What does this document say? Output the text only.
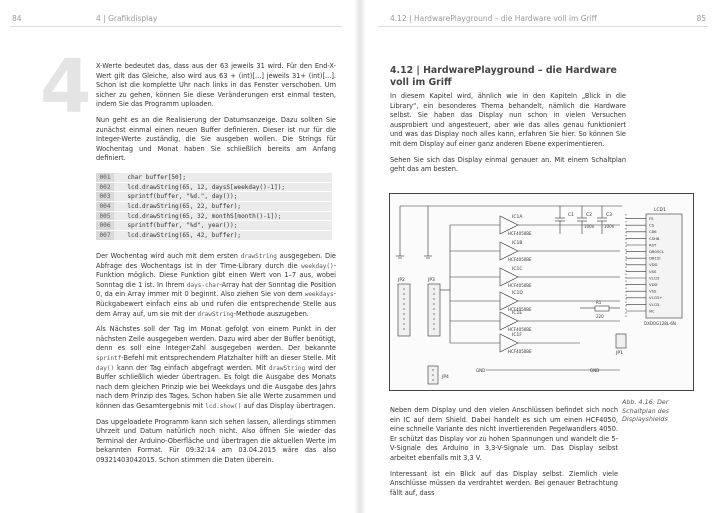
84	4 | Grafikdisplay
4 X-Werte bedeutet das, dass aus der 63 jeweils 31 wird. Für den End-X-Wert gilt das Gleiche, also wird aus 63 + (int)[...] jeweils 31+ (int)[...]. Schon ist die komplette Uhr nach links in das Fenster verschoben. Um sicher zu gehen, können Sie diese Veränderungen erst einmal testen, indem Sie das Programm uploaden.

Nun geht es an die Realisierung der Datumsanzeige. Dazu sollten Sie zunächst einmal einen neuen Buffer definieren. Dieser ist nur für die Integer-Werte zuständig, die Sie ausgeben wollen. Die Strings für Wochentag und Monat haben Sie schließlich bereits am Anfang definiert.

001	char buffer[50];
002	lcd.drawString(65, 12, daysS[weekday()-1]);
003	sprintf(buffer, "%d.", day());
004	lcd.drawString(65, 22, buffer);
005	lcd.drawString(65, 32, monthS[month()-1]);
006	sprintf(buffer, "%d", year());
007	lcd.drawString(65, 42, buffer);

Der Wochentag wird auch mit dem ersten drawString ausgegeben. Die Abfrage des Wochentags ist in der Time-Library durch die weekday()-Funktion möglich. Diese Funktion gibt einen Wert von 1–7 aus, wobei Sonntag die 1 ist. In Ihrem days-char-Array hat der Sonntag die Position 0, da ein Array immer mit 0 beginnt. Also ziehen Sie von dem weekdays-Rückgabewert einfach eins ab und rufen die entsprechende Stelle aus dem Array auf, um sie mit der drawString-Methode auszugeben.

Als Nächstes soll der Tag im Monat gefolgt von einem Punkt in der nächsten Zeile ausgegeben werden. Dazu wird aber der Buffer benötigt, denn es soll eine Integer-Zahl ausgegeben werden. Der bekannte sprintf-Befehl mit entsprechendem Platzhalter hilft an dieser Stelle. Mit day() kann der Tag einfach abgefragt werden. Mit drawString wird der Buffer schließlich wieder übertragen. Es folgt die Ausgabe des Monats nach dem gleichen Prinzip wie bei Weekdays und die Ausgabe des Jahrs nach dem Prinzip des Tages. Schon haben Sie alle Werte zusammen und können das Gesamtergebnis mit lcd.show() auf das Display übertragen.

Das upgeloadete Programm kann sich sehen lassen, allerdings stimmen Uhrzeit und Datum natürlich noch nicht. Also öffnen Sie wieder das Terminal der Arduino-Oberfläche und übertragen die aktuellen Werte im bekannten Format. Für 09:32:14 am 03.04.2015 wäre das also 09321403042015. Schon stimmen die Daten überein.

4.12 | HardwarePlayground – die Hardware voll im Griff	85
4.12 | HardwarePlayground – die Hardware voll im Griff

In diesem Kapitel wird, ähnlich wie in den Kapiteln „Blick in die Library“, ein besonderes Thema behandelt, nämlich die Hardware selbst. Sie haben das Display nun schon in vielen Versuchen ausprobiert und angesteuert, aber wie das alles genau funktioniert und was das Display noch alles kann, erfahren Sie hier. So können Sie mit dem Display auf einer ganz anderen Ebene experimentieren.

Sehen Sie sich das Display einmal genauer an. Mit einem Schaltplan geht das am besten.

C1	C2	C3
100n 100n
IC1A
IC1B
IC1C
IC1D
IC1E
IC1F
HCF4050BE
HCF4050BE
HCF4050BE
HCF4050BE
HCF4050BE
HCF4050BE
JP2	JP3
JP4
JP1
R1
220
LCD1
DXDOG128L-6N
FS
CS
C86
CSHB
RST
DB0SCL
DB1SI
VDD
VSS
VLCD
VDD
VSS
VLCD+
VLCD-
NC
GND	GND
Abb. 4.16: Der Schaltplan des Displayshields

Neben dem Display und den vielen Anschlüssen befindet sich noch ein IC auf dem Shield. Dabei handelt es sich um einen HCF4050, eine schnelle Variante des nicht invertierenden Pegelwandlers 4050. Er schützt das Display vor zu hohen Spannungen und wandelt die 5-V-Signale des Arduino in 3,3-V-Signale um. Das Display selbst arbeitet ebenfalls mit 3,3 V.

Interessant ist ein Blick auf das Display selbst. Ziemlich viele Anschlüsse müssen da verdrahtet werden. Bei genauer Betrachtung fällt auf, dass
